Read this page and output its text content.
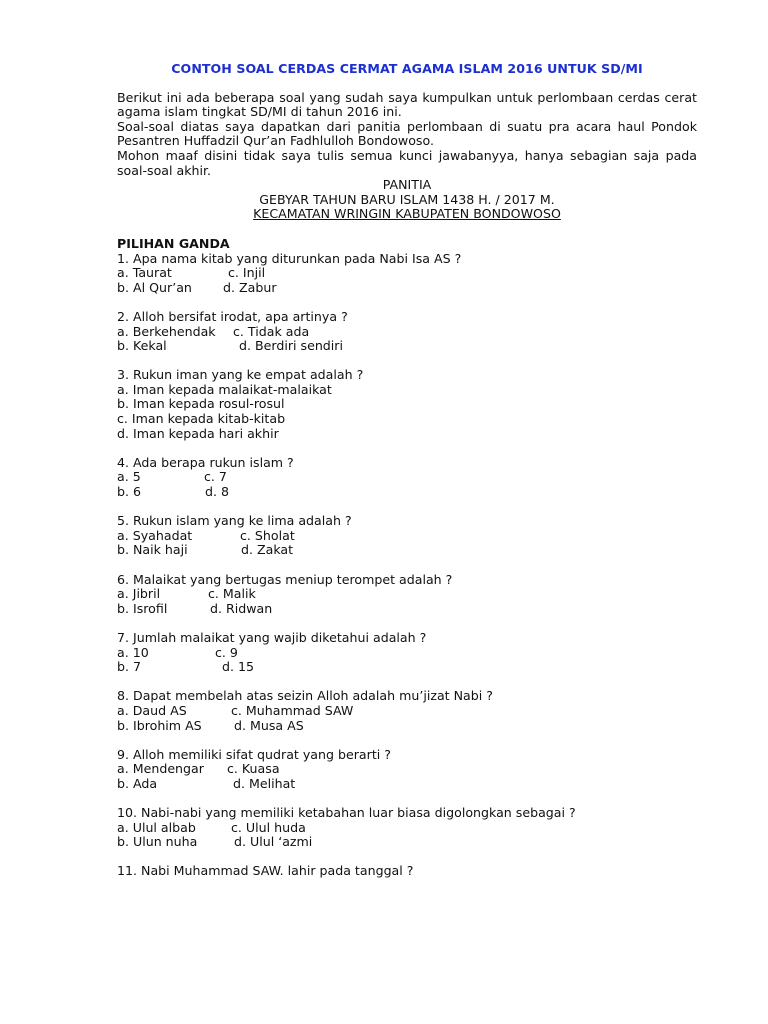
CONTOH SOAL CERDAS CERMAT AGAMA ISLAM 2016 UNTUK SD/MI

Berikut ini ada beberapa soal yang sudah saya kumpulkan untuk perlombaan cerdas cerat agama islam tingkat SD/MI di tahun 2016 ini.

Soal-soal diatas saya dapatkan dari panitia perlombaan di suatu pra acara haul Pondok Pesantren Huffadzil Qur’an Fadhlulloh Bondowoso.

Mohon maaf disini tidak saya tulis semua kunci jawabanyya, hanya sebagian saja pada soal-soal akhir.

PANITIA
GEBYAR TAHUN BARU ISLAM 1438 H. / 2017 M.
KECAMATAN WRINGIN KABUPATEN BONDOWOSO
PILIHAN GANDA
1. Apa nama kitab yang diturunkan pada Nabi Isa AS ?
a. Taurat	c. Injil
b. Al Qur’an d. Zabur
2. Alloh bersifat irodat, apa artinya ?
a. Berkehendak c. Tidak ada
b. Kekal	d. Berdiri sendiri
3. Rukun iman yang ke empat adalah ?
a. Iman kepada malaikat-malaikat
b. Iman kepada rosul-rosul
c. Iman kepada kitab-kitab
d. Iman kepada hari akhir
4. Ada berapa rukun islam ?
a. 5	c. 7
b. 6	d. 8
5. Rukun islam yang ke lima adalah ?
a. Syahadat	c. Sholat
b. Naik haji	d. Zakat
6. Malaikat yang bertugas meniup terompet adalah ?
a. Jibril	c. Malik
b. Isrofil	d. Ridwan
7. Jumlah malaikat yang wajib diketahui adalah ?
a. 10	c. 9
b. 7	d. 15
8. Dapat membelah atas seizin Alloh adalah mu’jizat Nabi ?
a. Daud AS	c. Muhammad SAW
b. Ibrohim AS	d. Musa AS
9. Alloh memiliki sifat qudrat yang berarti ?
a. Mendengar c. Kuasa
b. Ada	d. Melihat
10. Nabi-nabi yang memiliki ketabahan luar biasa digolongkan sebagai ?
a. Ulul albab	c. Ulul huda
b. Ulun nuha	d. Ulul ‘azmi
11. Nabi Muhammad SAW. lahir pada tanggal ?
